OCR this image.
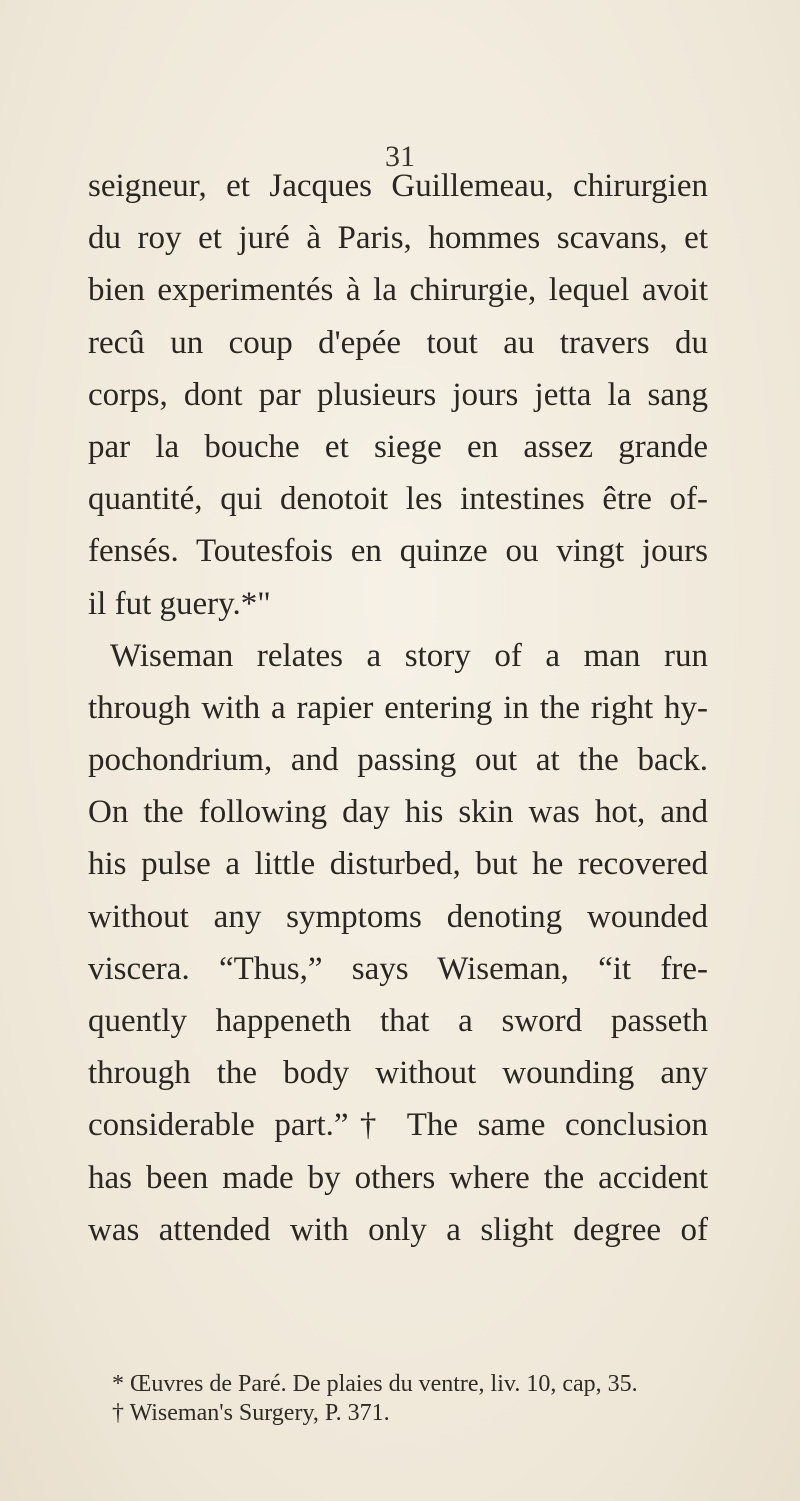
31
seigneur, et Jacques Guillemeau, chirurgien
du roy et juré à Paris, hommes scavans, et
bien experimentés à la chirurgie, lequel avoit
recû un coup d'epée tout au travers du
corps, dont par plusieurs jours jetta la sang
par la bouche et siege en assez grande
quantité, qui denotoit les intestines être of-
fensés. Toutesfois en quinze ou vingt jours
il fut guery.*"
Wiseman relates a story of a man run
through with a rapier entering in the right hy-
pochondrium, and passing out at the back.
On the following day his skin was hot, and
his pulse a little disturbed, but he recovered
without any symptoms denoting wounded
viscera. “Thus,” says Wiseman, “it fre-
quently happeneth that a sword passeth
through the body without wounding any
considerable part.”† The same conclusion
has been made by others where the accident
was attended with only a slight degree of
* Œuvres de Paré. De plaies du ventre, liv. 10, cap, 35.
† Wiseman's Surgery, P. 371.
